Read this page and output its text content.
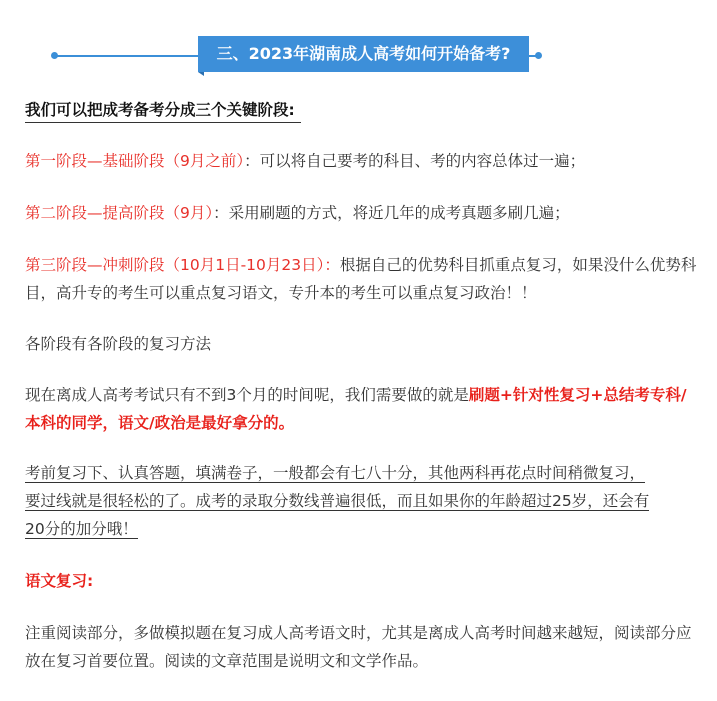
三、2023年湖南成人高考如何开始备考?

我们可以把成考备考分成三个关键阶段:

第一阶段—基础阶段（9月之前）：可以将自己要考的科目、考的内容总体过一遍；

第二阶段—提高阶段（9月）：采用刷题的方式，将近几年的成考真题多刷几遍；

第三阶段—冲刺阶段（10月1日-10月23日）：根据自己的优势科目抓重点复习，如果没什么优势科目，高升专的考生可以重点复习语文，专升本的考生可以重点复习政治！！

各阶段有各阶段的复习方法

现在离成人高考考试只有不到3个月的时间呢，我们需要做的就是刷题+针对性复习+总结考专科/本科的同学，语文/政治是最好拿分的。

考前复习下、认真答题，填满卷子，一般都会有七八十分，其他两科再花点时间稍微复习，
要过线就是很轻松的了。成考的录取分数线普遍很低，而且如果你的年龄超过25岁，还会有
20分的加分哦！

语文复习:

注重阅读部分，多做模拟题在复习成人高考语文时，尤其是离成人高考时间越来越短，阅读部分应放在复习首要位置。阅读的文章范围是说明文和文学作品。
